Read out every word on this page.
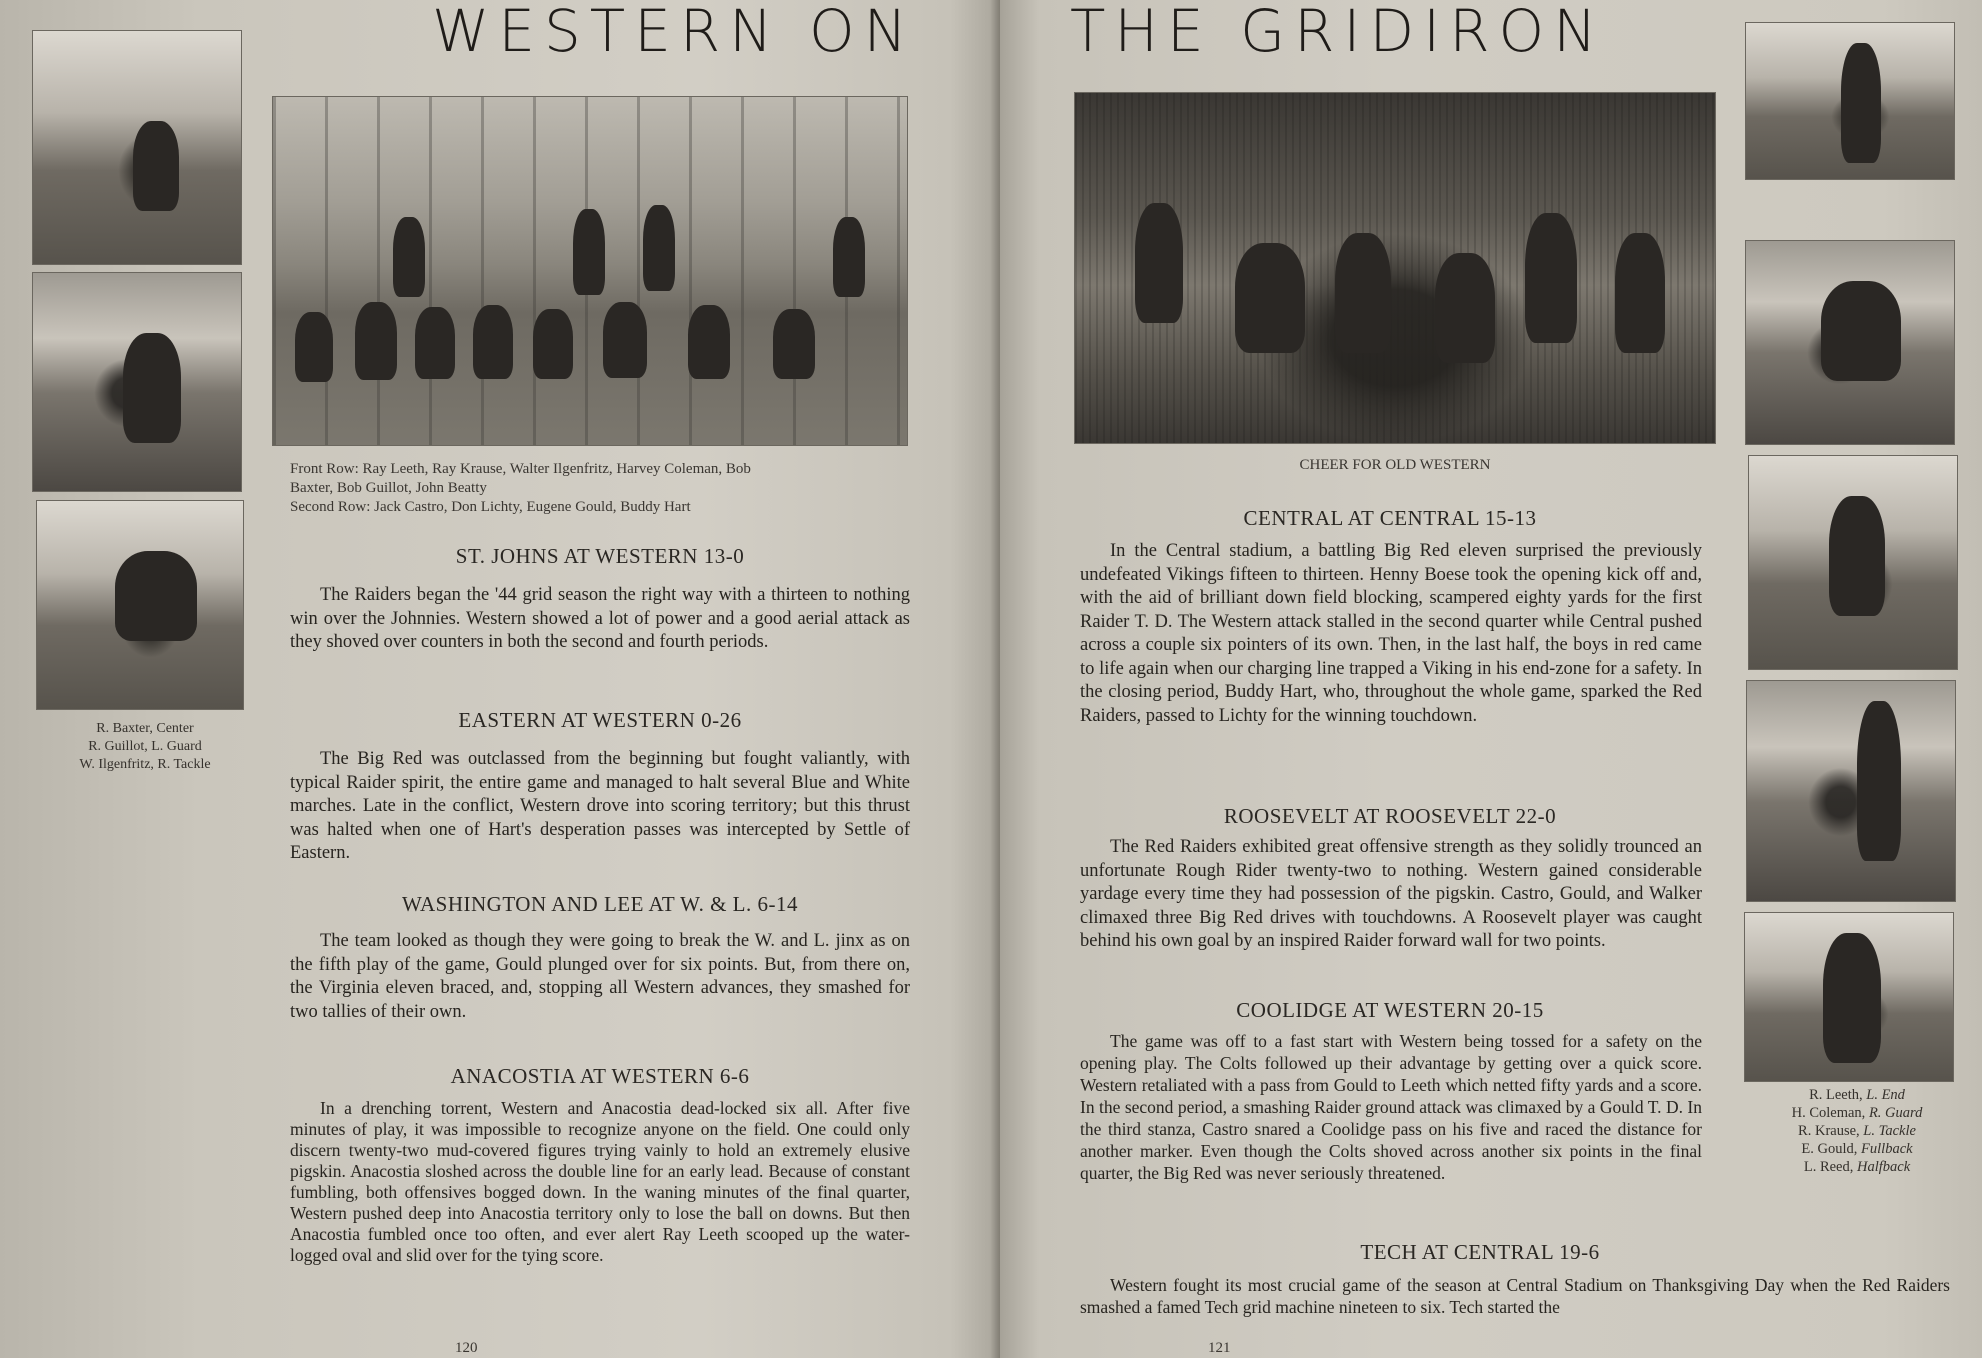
WESTERN ON
R. Baxter, Center
R. Guillot, L. Guard
W. Ilgenfritz, R. Tackle
Front Row: Ray Leeth, Ray Krause, Walter Ilgenfritz, Harvey Coleman, Bob
Baxter, Bob Guillot, John Beatty
Second Row: Jack Castro, Don Lichty, Eugene Gould, Buddy Hart
ST. JOHNS AT WESTERN 13-0
The Raiders began the '44 grid season the right way with a thirteen to nothing win over the Johnnies. Western showed a lot of power and a good aerial attack as they shoved over counters in both the second and fourth periods.
EASTERN AT WESTERN 0-26
The Big Red was outclassed from the beginning but fought valiantly, with typical Raider spirit, the entire game and managed to halt several Blue and White marches. Late in the conflict, Western drove into scoring territory; but this thrust was halted when one of Hart's desperation passes was intercepted by Settle of Eastern.
WASHINGTON AND LEE AT W. & L. 6-14
The team looked as though they were going to break the W. and L. jinx as on the fifth play of the game, Gould plunged over for six points. But, from there on, the Virginia eleven braced, and, stopping all Western advances, they smashed for two tallies of their own.
ANACOSTIA AT WESTERN 6-6
In a drenching torrent, Western and Anacostia dead-locked six all. After five minutes of play, it was impossible to recognize anyone on the field. One could only discern twenty-two mud-covered figures trying vainly to hold an extremely elusive pigskin. Anacostia sloshed across the double line for an early lead. Because of constant fumbling, both offensives bogged down. In the waning minutes of the final quarter, Western pushed deep into Anacostia territory only to lose the ball on downs. But then Anacostia fumbled once too often, and ever alert Ray Leeth scooped up the water-logged oval and slid over for the tying score.
120
THE GRIDIRON
CHEER FOR OLD WESTERN
R. Leeth, L. End
H. Coleman, R. Guard
R. Krause, L. Tackle
E. Gould, Fullback
L. Reed, Halfback
CENTRAL AT CENTRAL 15-13
In the Central stadium, a battling Big Red eleven surprised the previously undefeated Vikings fifteen to thirteen. Henny Boese took the opening kick off and, with the aid of brilliant down field blocking, scampered eighty yards for the first Raider T. D. The Western attack stalled in the second quarter while Central pushed across a couple six pointers of its own. Then, in the last half, the boys in red came to life again when our charging line trapped a Viking in his end-zone for a safety. In the closing period, Buddy Hart, who, throughout the whole game, sparked the Red Raiders, passed to Lichty for the winning touchdown.
ROOSEVELT AT ROOSEVELT 22-0
The Red Raiders exhibited great offensive strength as they solidly trounced an unfortunate Rough Rider twenty-two to nothing. Western gained considerable yardage every time they had possession of the pigskin. Castro, Gould, and Walker climaxed three Big Red drives with touchdowns. A Roosevelt player was caught behind his own goal by an inspired Raider forward wall for two points.
COOLIDGE AT WESTERN 20-15
The game was off to a fast start with Western being tossed for a safety on the opening play. The Colts followed up their advantage by getting over a quick score. Western retaliated with a pass from Gould to Leeth which netted fifty yards and a score. In the second period, a smashing Raider ground attack was climaxed by a Gould T. D. In the third stanza, Castro snared a Coolidge pass on his five and raced the distance for another marker. Even though the Colts shoved across another six points in the final quarter, the Big Red was never seriously threatened.
TECH AT CENTRAL 19-6
Western fought its most crucial game of the season at Central Stadium on Thanksgiving Day when the Red Raiders smashed a famed Tech grid machine nineteen to six. Tech started the
121
